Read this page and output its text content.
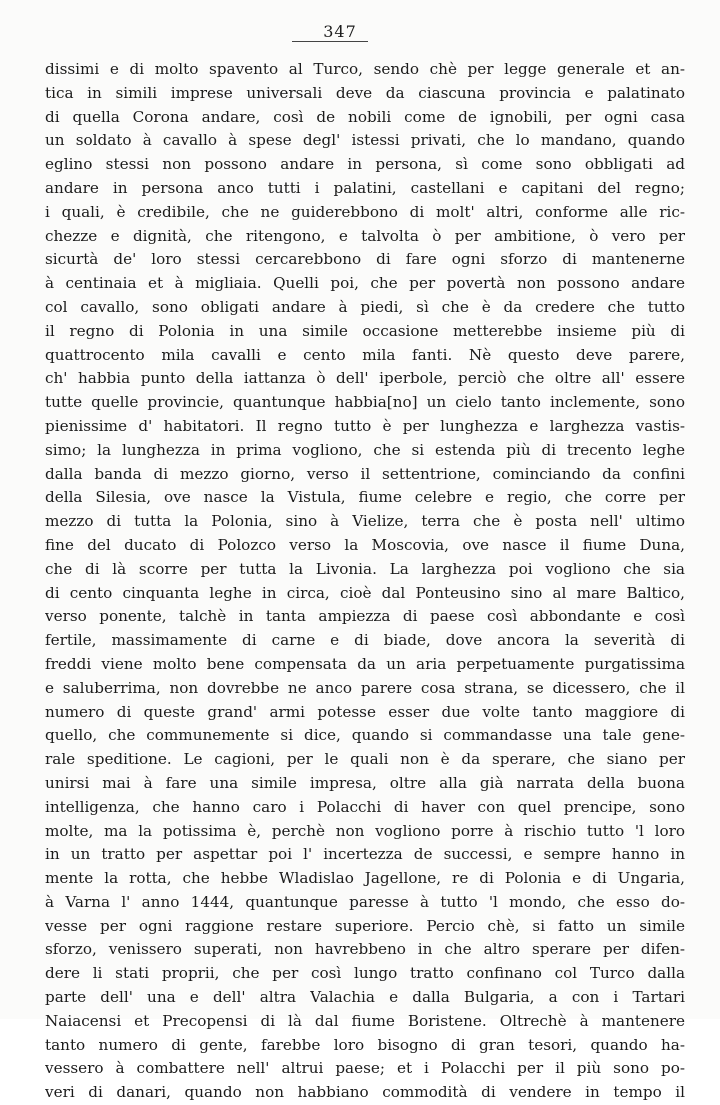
347
dissimi e di molto spavento al Turco, sendo chè per legge generale et an-
tica in simili imprese universali deve da ciascuna provincia e palatinato
di quella Corona andare, così de nobili come de ignobili, per ogni casa
un soldato à cavallo à spese degl' istessi privati, che lo mandano, quando
eglino stessi non possono andare in persona, sì come sono obbligati ad
andare in persona anco tutti i palatini, castellani e capitani del regno;
i quali, è credibile, che ne guiderebbono di molt' altri, conforme alle ric-
chezze e dignità, che ritengono, e talvolta ò per ambitione, ò vero per
sicurtà de' loro stessi cercarebbono di fare ogni sforzo di mantenerne
à centinaia et à migliaia. Quelli poi, che per povertà non possono andare
col cavallo, sono obligati andare à piedi, sì che è da credere che tutto
il regno di Polonia in una simile occasione metterebbe insieme più di
quattrocento mila cavalli e cento mila fanti. Nè questo deve parere,
ch' habbia punto della iattanza ò dell' iperbole, perciò che oltre all' essere
tutte quelle provincie, quantunque habbia[no] un cielo tanto inclemente, sono
pienissime d' habitatori. Il regno tutto è per lunghezza e larghezza vastis-
simo; la lunghezza in prima vogliono, che si estenda più di trecento leghe
dalla banda di mezzo giorno, verso il settentrione, cominciando da confini
della Silesia, ove nasce la Vistula, fiume celebre e regio, che corre per
mezzo di tutta la Polonia, sino à Vielize, terra che è posta nell' ultimo
fine del ducato di Polozco verso la Moscovia, ove nasce il fiume Duna,
che di là scorre per tutta la Livonia. La larghezza poi vogliono che sia
di cento cinquanta leghe in circa, cioè dal Ponteusino sino al mare Baltico,
verso ponente, talchè in tanta ampiezza di paese così abbondante e così
fertile, massimamente di carne e di biade, dove ancora la severità di
freddi viene molto bene compensata da un aria perpetuamente purgatissima
e saluberrima, non dovrebbe ne anco parere cosa strana, se dicessero, che il
numero di queste grand' armi potesse esser due volte tanto maggiore di
quello, che communemente si dice, quando si commandasse una tale gene-
rale speditione. Le cagioni, per le quali non è da sperare, che siano per
unirsi mai à fare una simile impresa, oltre alla già narrata della buona
intelligenza, che hanno caro i Polacchi di haver con quel prencipe, sono
molte, ma la potissima è, perchè non vogliono porre à rischio tutto 'l loro
in un tratto per aspettar poi l' incertezza de successi, e sempre hanno in
mente la rotta, che hebbe Wladislao Jagellone, re di Polonia e di Ungaria,
à Varna l' anno 1444, quantunque paresse à tutto 'l mondo, che esso do-
vesse per ogni raggione restare superiore. Percio chè, si fatto un simile
sforzo, venissero superati, non havrebbeno in che altro sperare per difen-
dere li stati proprii, che per così lungo tratto confinano col Turco dalla
parte dell' una e dell' altra Valachia e dalla Bulgaria, a con i Tartari
Naiacensi et Precopensi di là dal fiume Boristene. Oltrechè à mantenere
tanto numero di gente, farebbe loro bisogno di gran tesori, quando ha-
vessero à combattere nell' altrui paese; et i Polacchi per il più sono po-
veri di danari, quando non habbiano commodità di vendere in tempo il
